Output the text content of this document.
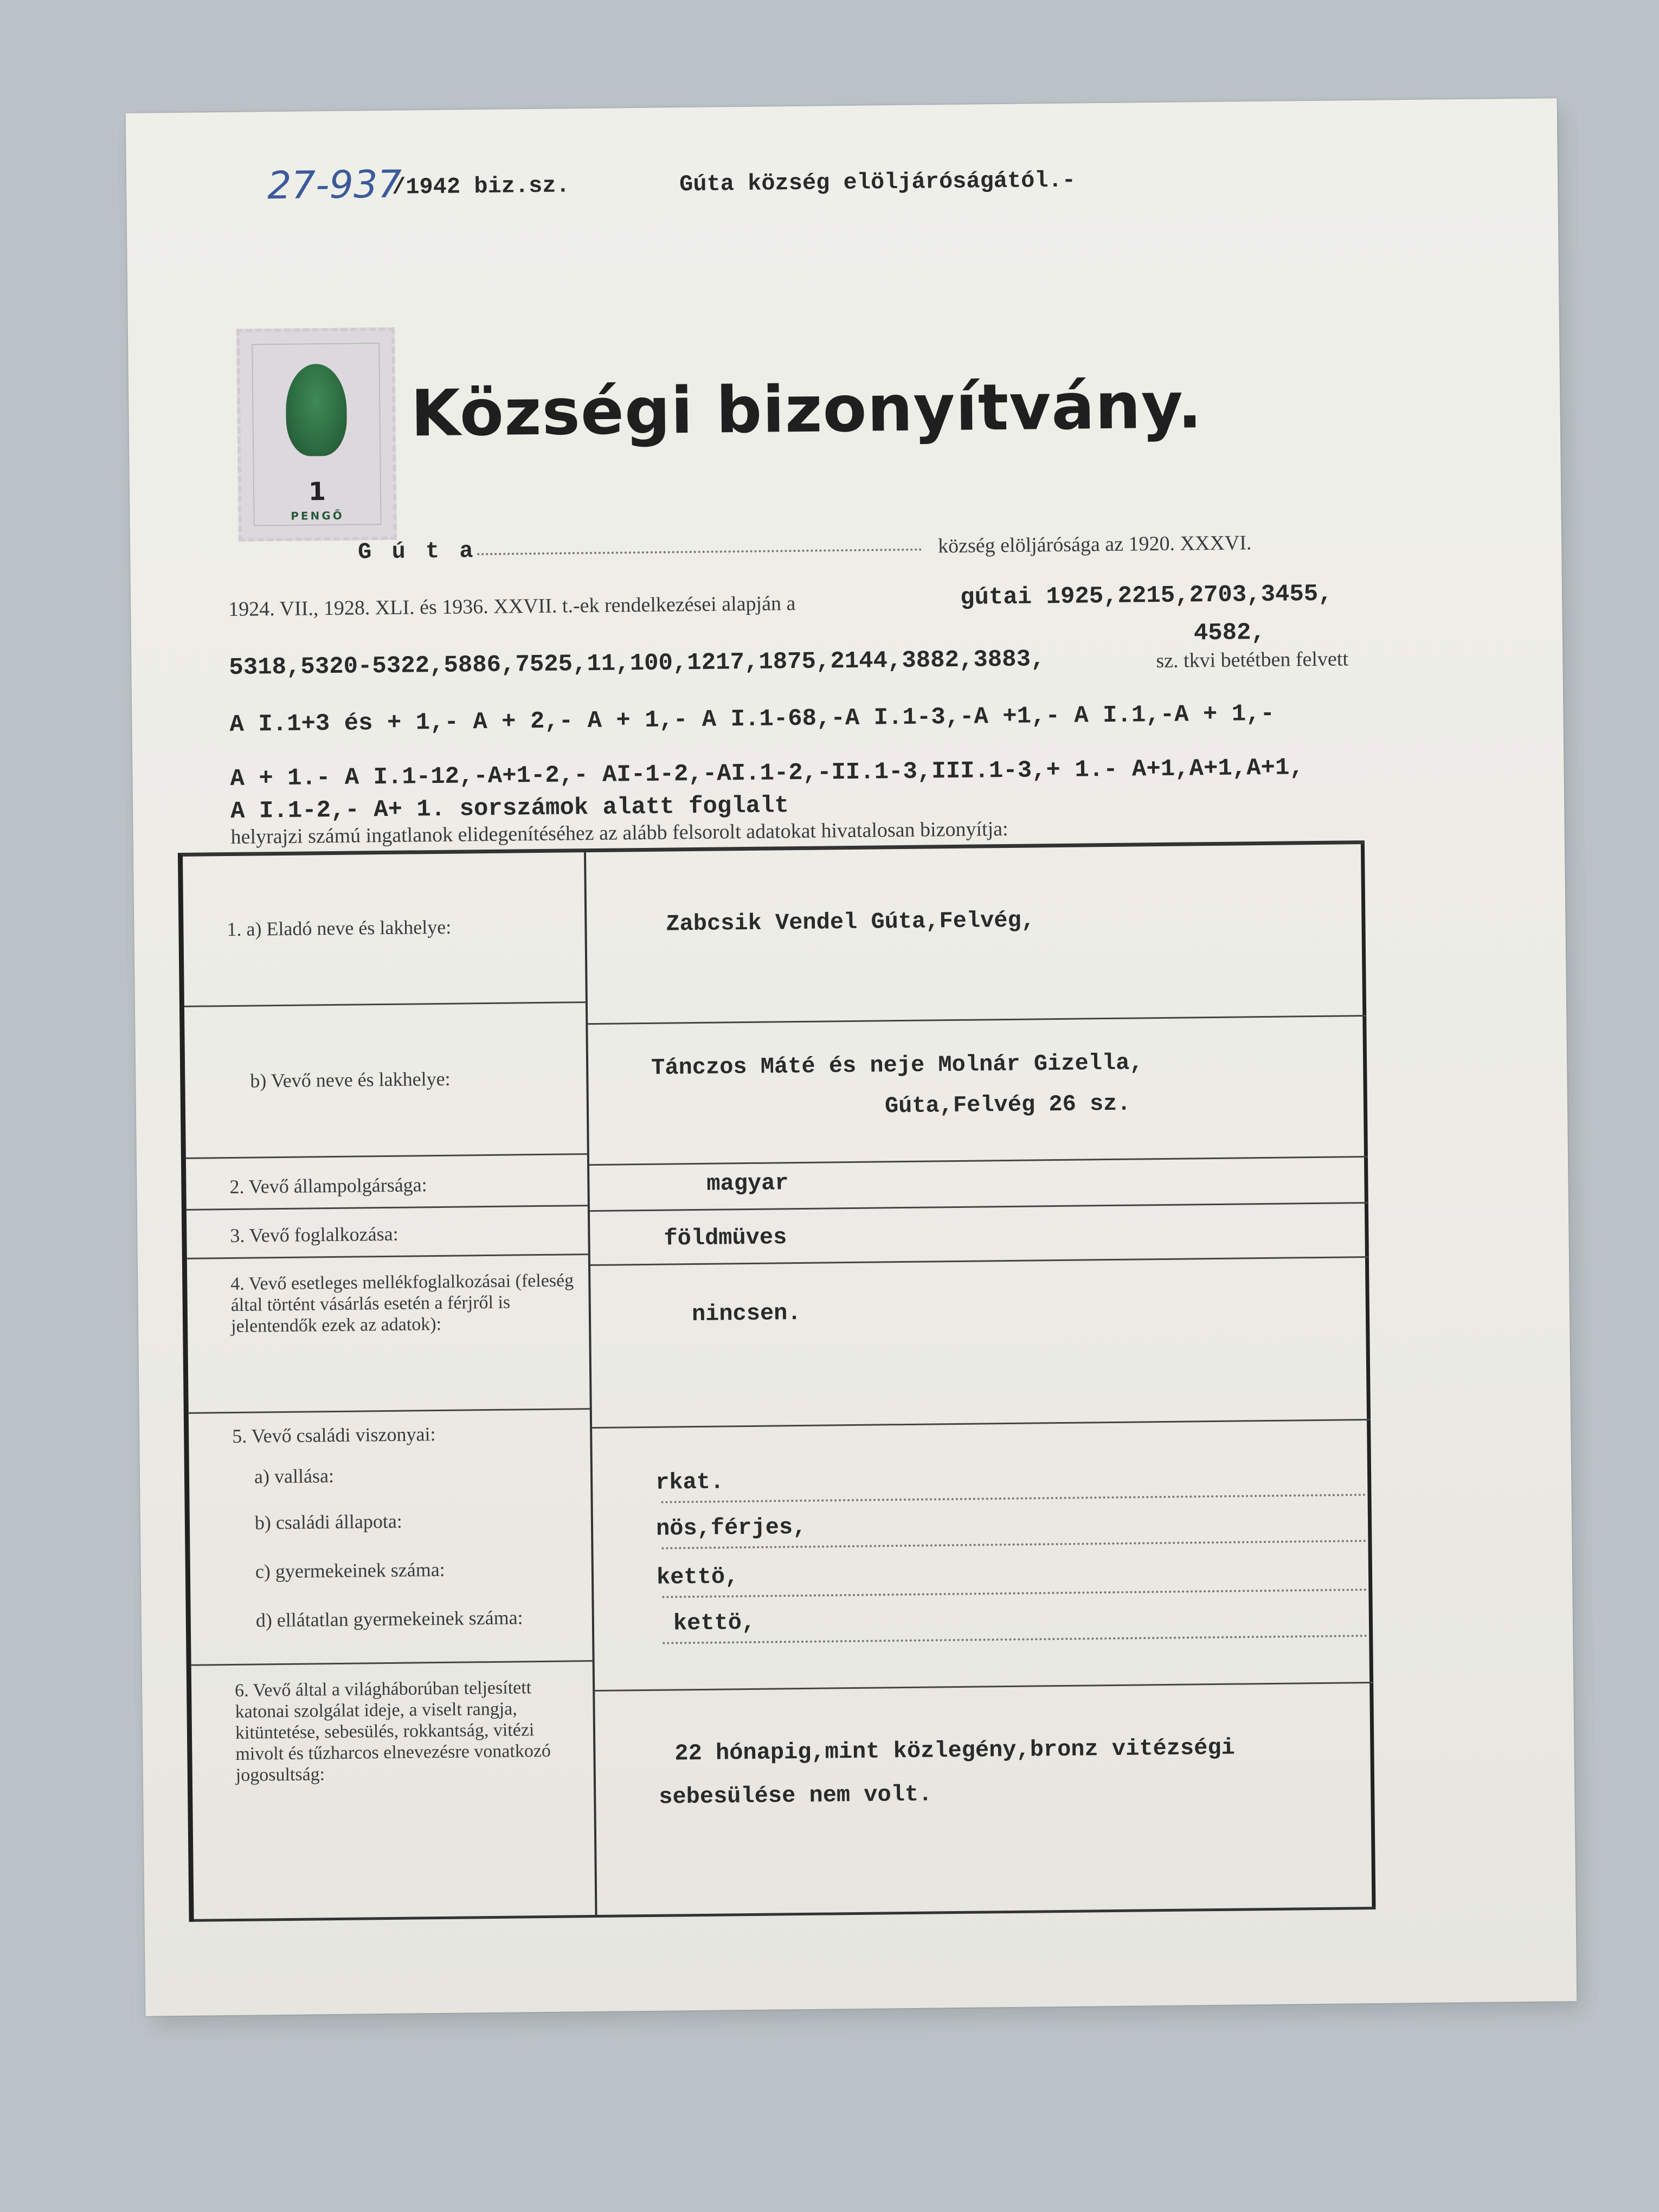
27-937
/1942 biz.sz.	Gúta község elöljáróságától.-
1
PENGŐ
Községi bizonyítvány.
G ú t a	község elöljárósága az 1920. XXXVI.
1924. VII., 1928. XLI. és 1936. XXVII. t.-ek rendelkezései alapján a	gútai 1925,2215,2703,3455,
4582,
5318,5320-5322,5886,7525,11,100,1217,1875,2144,3882,3883,	sz. tkvi betétben felvett
A I.1+3 és + 1,- A + 2,- A + 1,- A I.1-68,-A I.1-3,-A +1,- A I.1,-A + 1,-
A + 1.- A I.1-12,-A+1-2,- AI-1-2,-AI.1-2,-II.1-3,III.1-3,+ 1.- A+1,A+1,A+1,
A I.1-2,- A+ 1. sorszámok alatt foglalt
helyrajzi számú ingatlanok elidegenítéséhez az alább felsorolt adatokat hivatalosan bizonyítja:
1. a) Eladó neve és lakhelye:	Zabcsik Vendel Gúta,Felvég,
b) Vevő neve és lakhelye:	Tánczos Máté és neje Molnár Gizella,
Gúta,Felvég 26 sz.
2. Vevő állampolgársága:	magyar
3. Vevő foglalkozása:	földmüves
4. Vevő esetleges mellékfoglalkozásai (feleség által történt vásárlás esetén a férjről is jelentendők ezek az adatok):	nincsen.
5. Vevő családi viszonyai:
a) vallása:	rkat.
b) családi állapota:	nös,férjes,
c) gyermekeinek száma:	kettö,
d) ellátatlan gyermekeinek száma:	kettö,
6. Vevő által a világháborúban teljesített katonai szolgálat ideje, a viselt rangja, kitüntetése, sebesülés, rokkantság, vitézi mivolt és tűzharcos elnevezésre vonatkozó jogosultság:
22 hónapig,mint közlegény,bronz vitézségi
sebesülése nem volt.
